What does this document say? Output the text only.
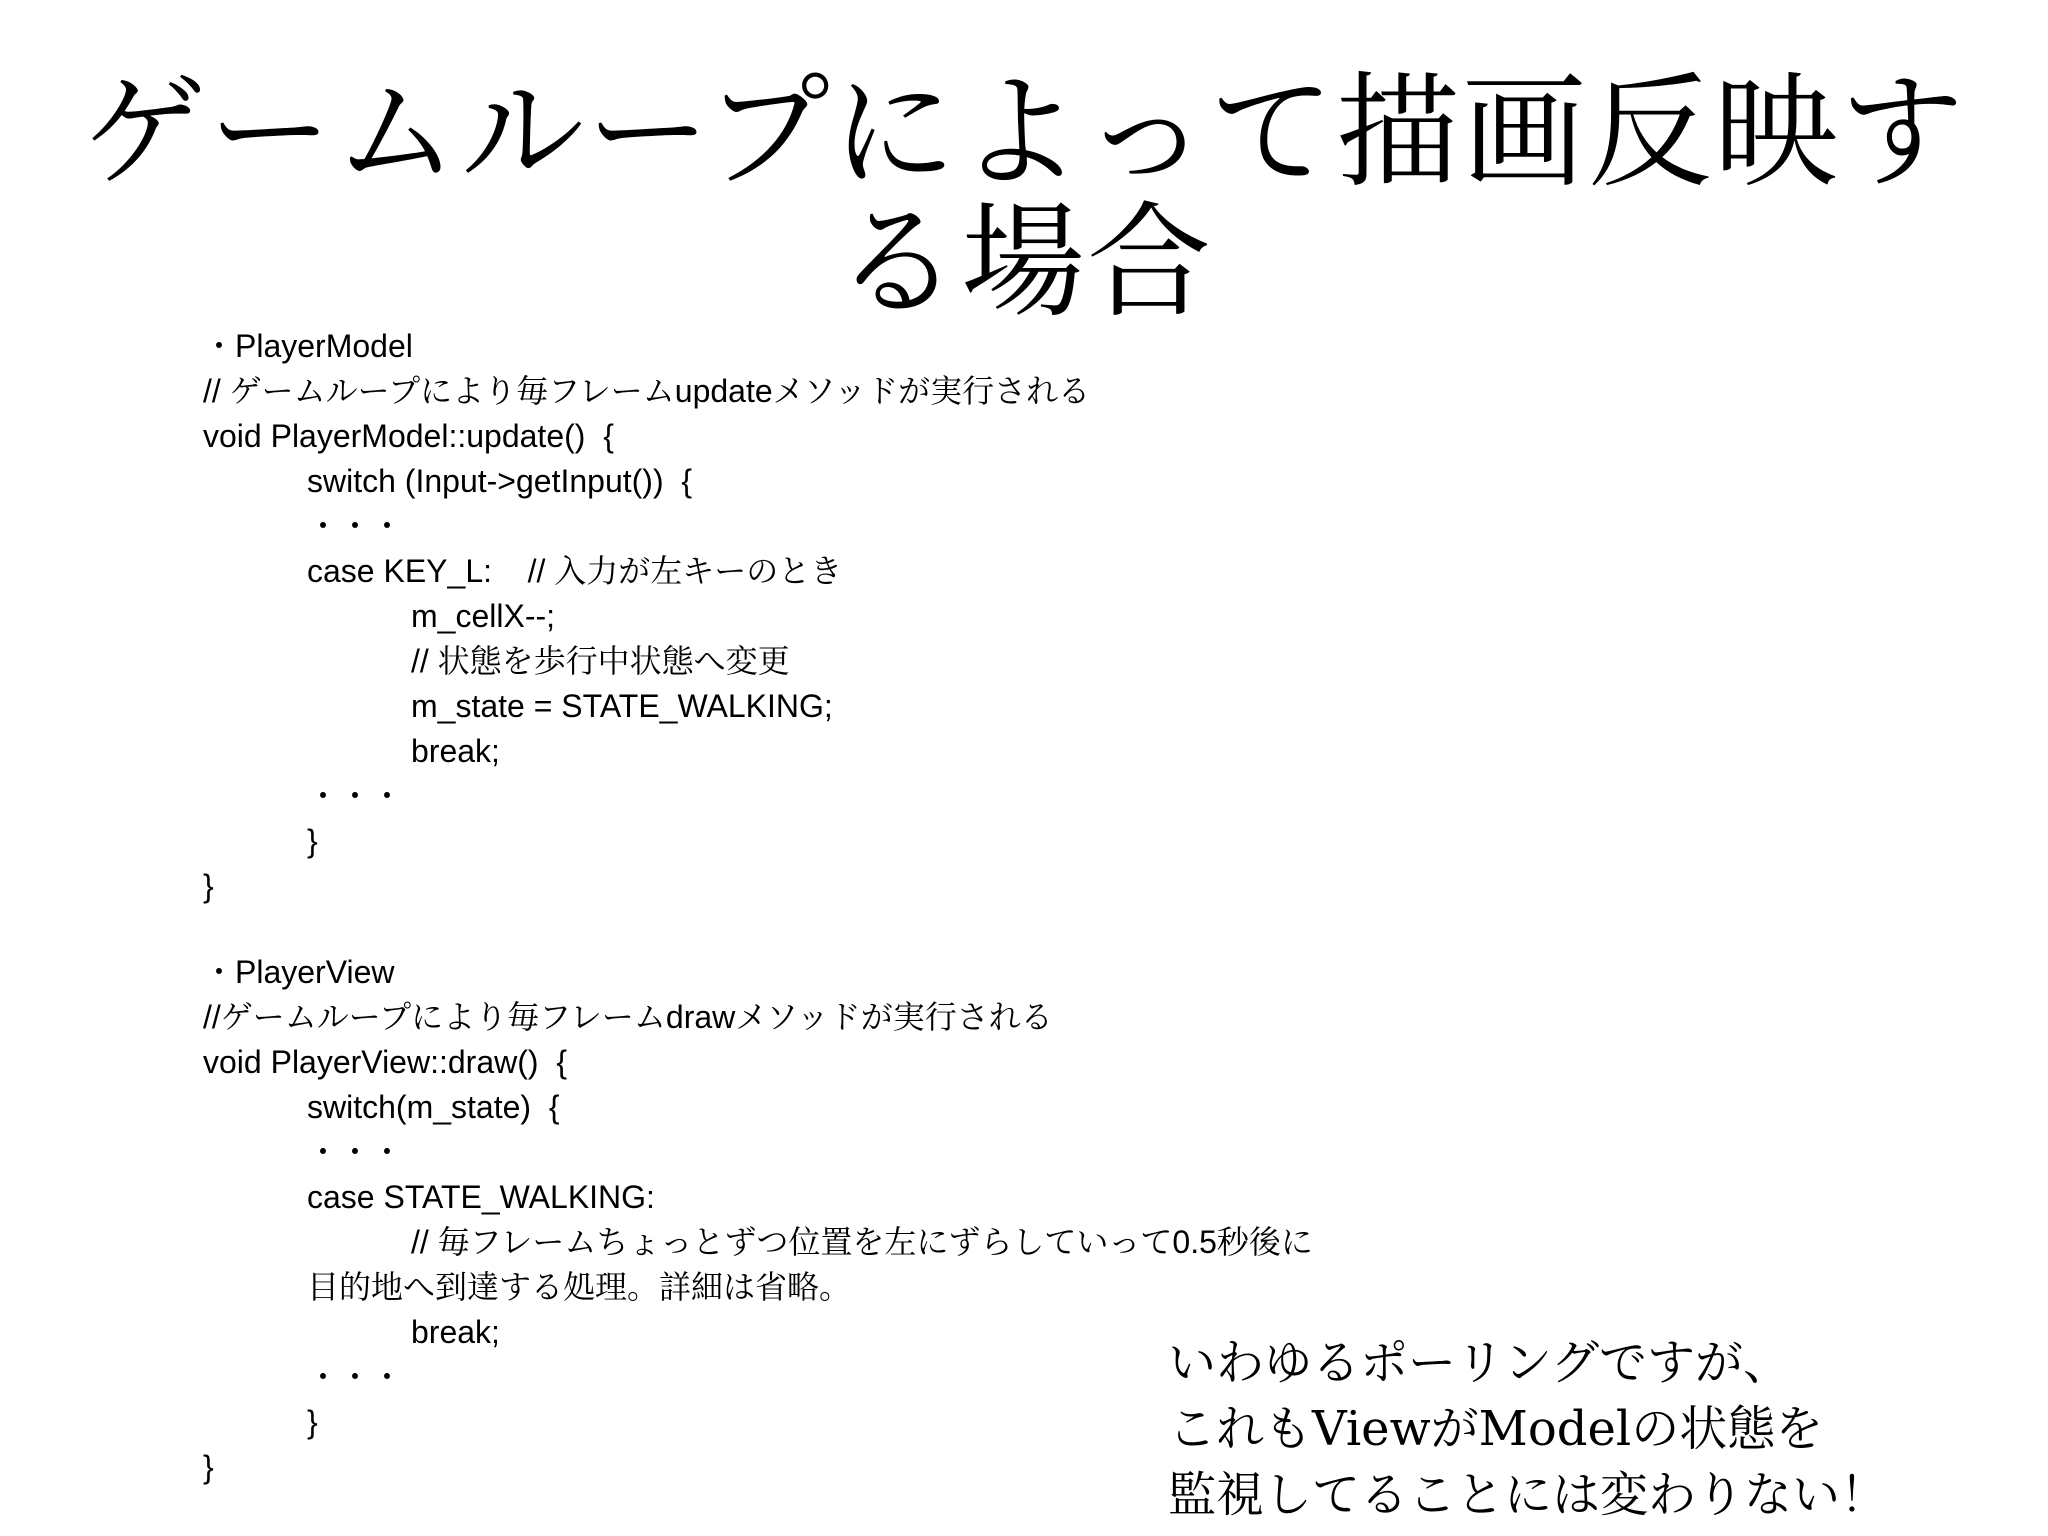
ゲームループによって描画反映す
る場合
・PlayerModel
// ゲームループにより毎フレームupdateメソッドが実行される
void PlayerModel::update()  {
switch (Input->getInput())  {
・・・
case KEY_L:    // 入力が左キーのとき
m_cellX--;
// 状態を歩行中状態へ変更
m_state = STATE_WALKING;
break;
・・・
}
}
・PlayerView
//ゲームループにより毎フレームdrawメソッドが実行される
void PlayerView::draw()  {
switch(m_state)  {
・・・
case STATE_WALKING:
// 毎フレームちょっとずつ位置を左にずらしていって0.5秒後に
目的地へ到達する処理。詳細は省略。
break;
・・・
}
}
いわゆるポーリングですが、
これもViewがModelの状態を
監視してることには変わりない！
